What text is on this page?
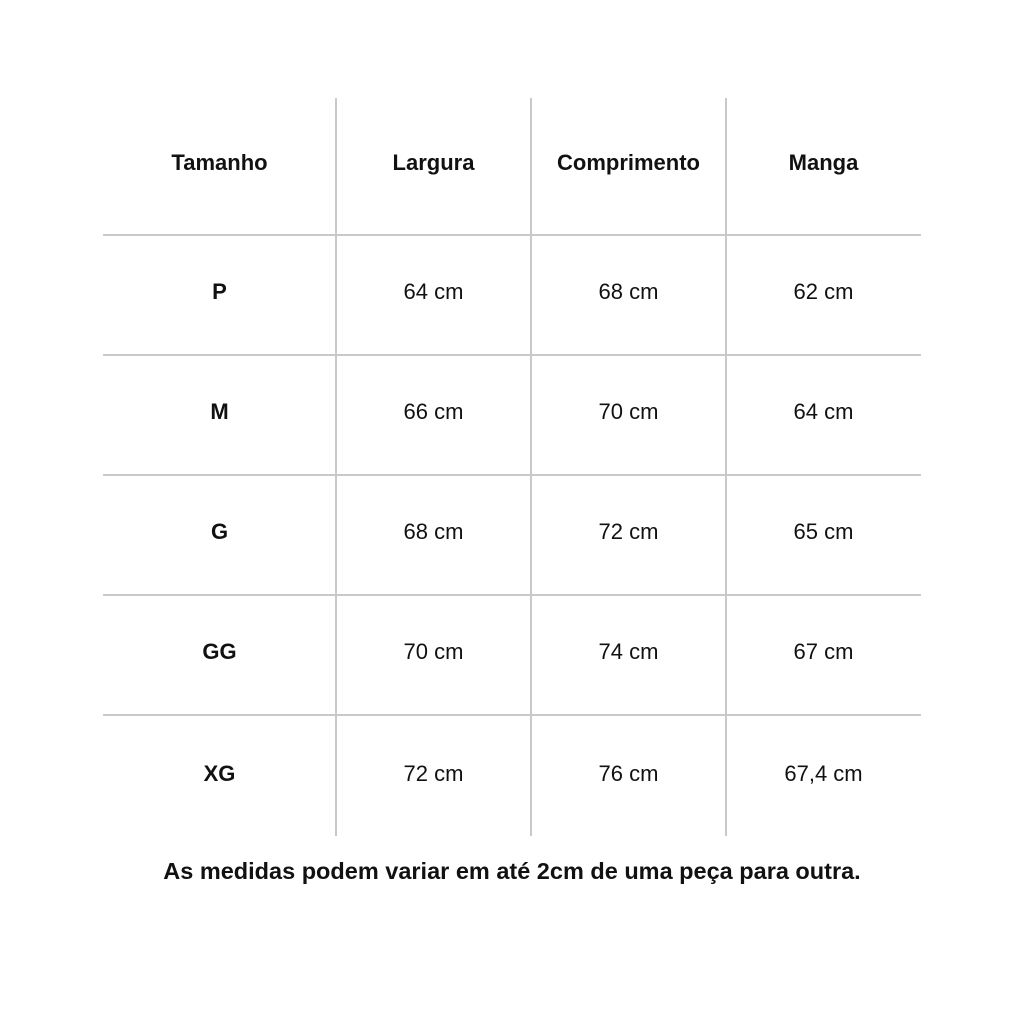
Tamanho	Largura	Comprimento	Manga
P	64 cm	68 cm	62 cm
M	66 cm	70 cm	64 cm
G	68 cm	72 cm	65 cm
GG	70 cm	74 cm	67 cm
XG	72 cm	76 cm	67,4 cm
As medidas podem variar em até 2cm de uma peça para outra.
